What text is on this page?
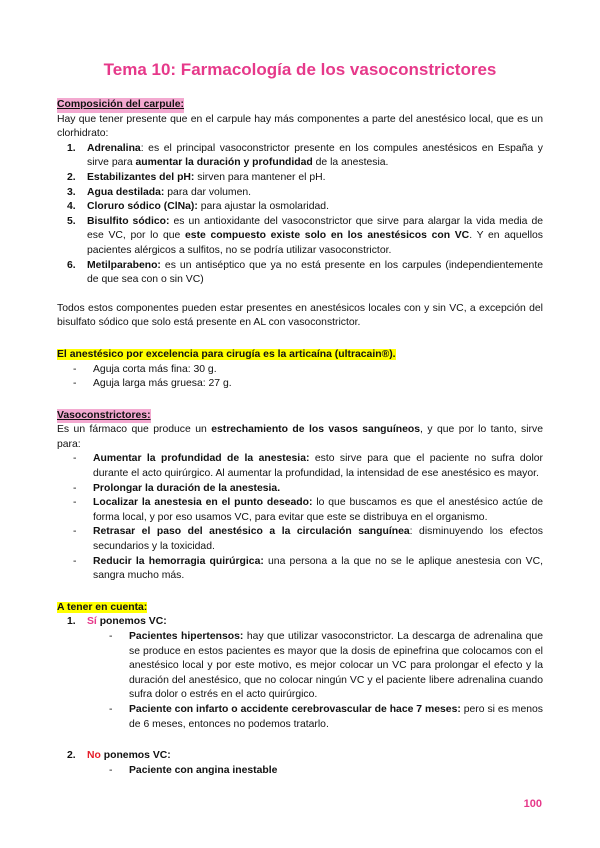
Tema 10: Farmacología de los vasoconstrictores
Composición del carpule:

Hay que tener presente que en el carpule hay más componentes a parte del anestésico local, que es un clorhidrato:

Adrenalina: es el principal vasoconstrictor presente en los compules anestésicos en España y sirve para aumentar la duración y profundidad de la anestesia.
Estabilizantes del pH: sirven para mantener el pH.
Agua destilada: para dar volumen.
Cloruro sódico (ClNa): para ajustar la osmolaridad.
Bisulfito sódico: es un antioxidante del vasoconstrictor que sirve para alargar la vida media de ese VC, por lo que este compuesto existe solo en los anestésicos con VC. Y en aquellos pacientes alérgicos a sulfitos, no se podría utilizar vasoconstrictor.
Metilparabeno: es un antiséptico que ya no está presente en los carpules (independientemente de que sea con o sin VC)

Todos estos componentes pueden estar presentes en anestésicos locales con y sin VC, a excepción del bisulfato sódico que solo está presente en AL con vasoconstrictor.

El anestésico por excelencia para cirugía es la articaína (ultracain®).
- Aguja corta más fina: 30 g.
- Aguja larga más gruesa: 27 g.
Vasoconstrictores:

Es un fármaco que produce un estrechamiento de los vasos sanguíneos, y que por lo tanto, sirve para:

- Aumentar la profundidad de la anestesia: esto sirve para que el paciente no sufra dolor durante el acto quirúrgico. Al aumentar la profundidad, la intensidad de ese anestésico es mayor.
- Prolongar la duración de la anestesia.
- Localizar la anestesia en el punto deseado: lo que buscamos es que el anestésico actúe de forma local, y por eso usamos VC, para evitar que este se distribuya en el organismo.
- Retrasar el paso del anestésico a la circulación sanguínea: disminuyendo los efectos secundarios y la toxicidad.
- Reducir la hemorragia quirúrgica: una persona a la que no se le aplique anestesia con VC, sangra mucho más.
A tener en cuenta:
1. Sí ponemos VC:
- Pacientes hipertensos: hay que utilizar vasoconstrictor. La descarga de adrenalina que se produce en estos pacientes es mayor que la dosis de epinefrina que colocamos con el anestésico local y por este motivo, es mejor colocar un VC para prolongar el efecto y la duración del anestésico, que no colocar ningún VC y el paciente libere adrenalina cuando sufra dolor o estrés en el acto quirúrgico.
- Paciente con infarto o accidente cerebrovascular de hace 7 meses: pero si es menos de 6 meses, entonces no podemos tratarlo.
2. No ponemos VC:
- Paciente con angina inestable
100
